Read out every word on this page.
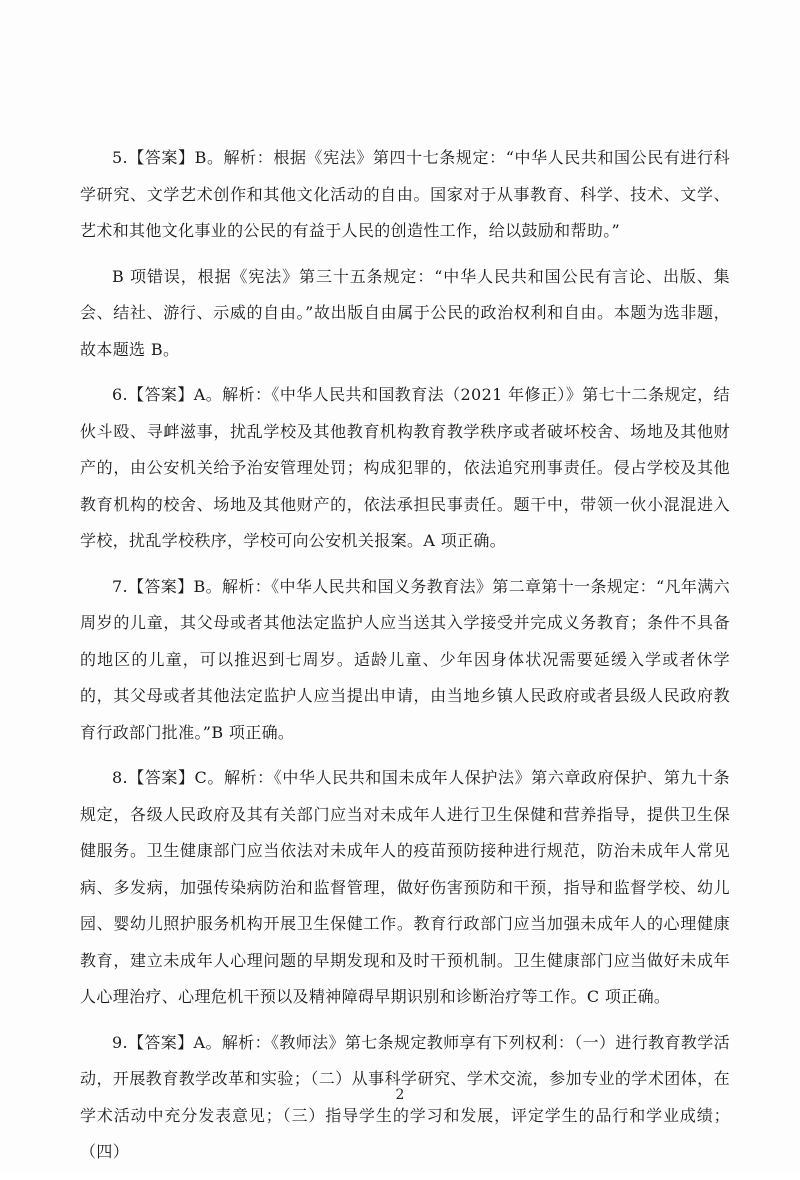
5.【答案】B。解析：根据《宪法》第四十七条规定：“中华人民共和国公民有进行科学研究、文学艺术创作和其他文化活动的自由。国家对于从事教育、科学、技术、文学、艺术和其他文化事业的公民的有益于人民的创造性工作，给以鼓励和帮助。”

B 项错误，根据《宪法》第三十五条规定：“中华人民共和国公民有言论、出版、集会、结社、游行、示威的自由。”故出版自由属于公民的政治权利和自由。本题为选非题，故本题选 B。

6.【答案】A。解析：《中华人民共和国教育法（2021 年修正）》第七十二条规定，结伙斗殴、寻衅滋事，扰乱学校及其他教育机构教育教学秩序或者破坏校舍、场地及其他财产的，由公安机关给予治安管理处罚；构成犯罪的，依法追究刑事责任。侵占学校及其他教育机构的校舍、场地及其他财产的，依法承担民事责任。题干中，带领一伙小混混进入学校，扰乱学校秩序，学校可向公安机关报案。A 项正确。

7.【答案】B。解析：《中华人民共和国义务教育法》第二章第十一条规定：“凡年满六周岁的儿童，其父母或者其他法定监护人应当送其入学接受并完成义务教育；条件不具备的地区的儿童，可以推迟到七周岁。适龄儿童、少年因身体状况需要延缓入学或者休学的，其父母或者其他法定监护人应当提出申请，由当地乡镇人民政府或者县级人民政府教育行政部门批准。”B 项正确。

8.【答案】C。解析：《中华人民共和国未成年人保护法》第六章政府保护、第九十条规定，各级人民政府及其有关部门应当对未成年人进行卫生保健和营养指导，提供卫生保健服务。卫生健康部门应当依法对未成年人的疫苗预防接种进行规范，防治未成年人常见病、多发病，加强传染病防治和监督管理，做好伤害预防和干预，指导和监督学校、幼儿园、婴幼儿照护服务机构开展卫生保健工作。教育行政部门应当加强未成年人的心理健康教育，建立未成年人心理问题的早期发现和及时干预机制。卫生健康部门应当做好未成年人心理治疗、心理危机干预以及精神障碍早期识别和诊断治疗等工作。C 项正确。

9.【答案】A。解析：《教师法》第七条规定教师享有下列权利：（一）进行教育教学活动，开展教育教学改革和实验；（二）从事科学研究、学术交流，参加专业的学术团体，在学术活动中充分发表意见；（三）指导学生的学习和发展，评定学生的品行和学业成绩；（四）

2
